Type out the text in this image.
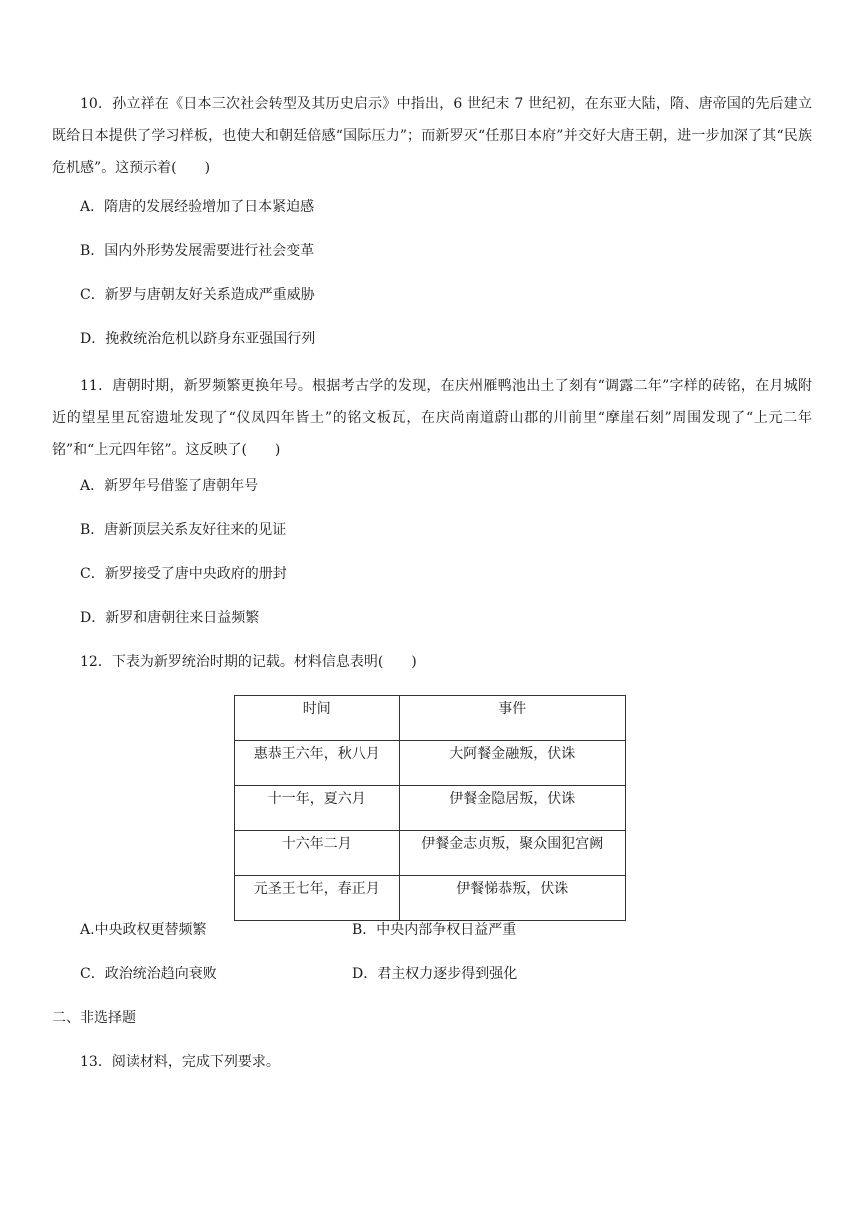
10．孙立祥在《日本三次社会转型及其历史启示》中指出，6 世纪末 7 世纪初，在东亚大陆，隋、唐帝国的先后建立既给日本提供了学习样板，也使大和朝廷倍感“国际压力”；而新罗灭“任那日本府”并交好大唐王朝，进一步加深了其“民族危机感”。这预示着(　　)
A．隋唐的发展经验增加了日本紧迫感
B．国内外形势发展需要进行社会变革
C．新罗与唐朝友好关系造成严重威胁
D．挽救统治危机以跻身东亚强国行列
11．唐朝时期，新罗频繁更换年号。根据考古学的发现，在庆州雁鸭池出土了刻有“调露二年”字样的砖铭，在月城附近的望星里瓦窑遗址发现了“仪凤四年皆土”的铭文板瓦，在庆尚南道蔚山郡的川前里“摩崖石刻”周围发现了“上元二年铭”和“上元四年铭”。这反映了(　　)
A．新罗年号借鉴了唐朝年号
B．唐新顶层关系友好往来的见证
C．新罗接受了唐中央政府的册封
D．新罗和唐朝往来日益频繁
12．下表为新罗统治时期的记载。材料信息表明(　　)
时间	事件

惠恭王六年，秋八月	大阿餐金融叛，伏诛

十一年，夏六月	伊餐金隐居叛，伏诛

十六年二月	伊餐金志贞叛，聚众围犯宫阙

元圣王七年，春正月	伊餐悌恭叛，伏诛
A.中央政权更替频繁	B．中央内部争权日益严重
C．政治统治趋向衰败	D．君主权力逐步得到强化
二、非选择题
13．阅读材料，完成下列要求。
